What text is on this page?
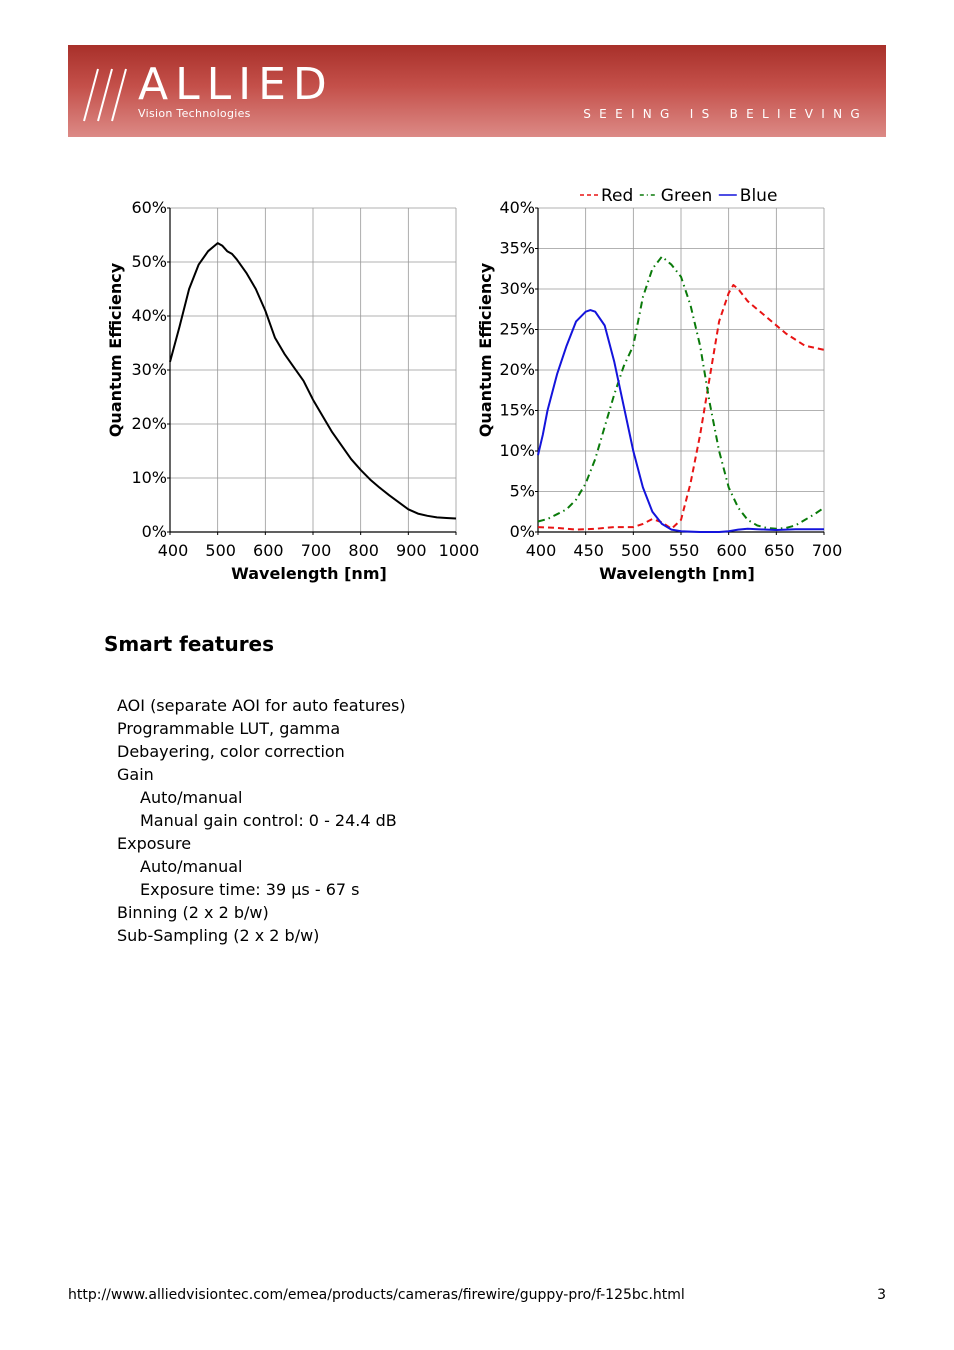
ALLIED
Vision Technologies	SEEING IS BELIEVING
0%
10%
20%
30%
40%
50%
60%
400 500 600 700 800 900 1000
Wavelength [nm]
Quantum Efficiency
0%
5%
10%
15%
20%
25%
30%
35%
40%
400 450 500 550 600 650 700
Wavelength [nm]
Quantum Efficiency
Red Green Blue
Smart features
AOI (separate AOI for auto features)
Programmable LUT, gamma
Debayering, color correction
Gain
Auto/manual
Manual gain control: 0 - 24.4 dB
Exposure
Auto/manual
Exposure time: 39 µs - 67 s
Binning (2 x 2 b/w)
Sub-Sampling (2 x 2 b/w)
http://www.alliedvisiontec.com/emea/products/cameras/firewire/guppy-pro/f-125bc.html	3
